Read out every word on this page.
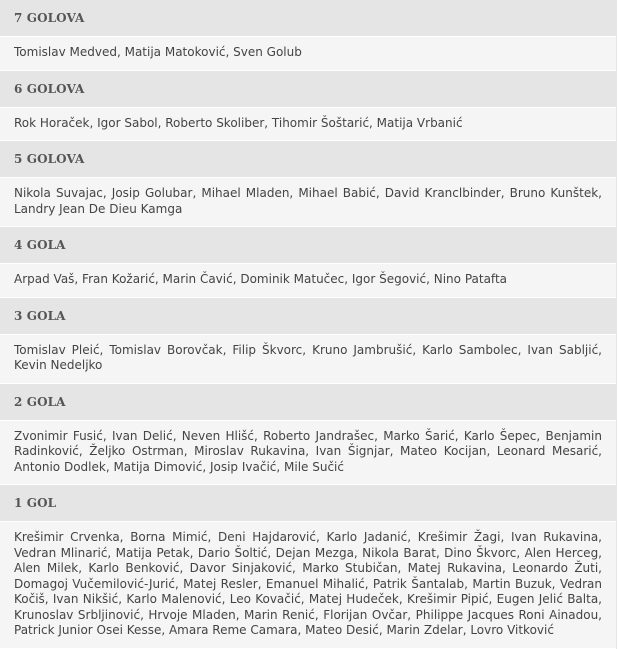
7 GOLOVA
Tomislav Medved, Matija Matoković, Sven Golub
6 GOLOVA
Rok Horaček, Igor Sabol, Roberto Skoliber, Tihomir Šoštarić, Matija Vrbanić
5 GOLOVA
Nikola Suvajac, Josip Golubar, Mihael Mladen, Mihael Babić, David Kranclbinder, Bruno Kunštek, Landry Jean De Dieu Kamga
4 GOLA
Arpad Vaš, Fran Kožarić, Marin Čavić, Dominik Matučec, Igor Šegović, Nino Patafta
3 GOLA
Tomislav Pleić, Tomislav Borovčak, Filip Škvorc, Kruno Jambrušić, Karlo Sambolec, Ivan Sabljić, Kevin Nedeljko
2 GOLA
Zvonimir Fusić, Ivan Delić, Neven Hlišć, Roberto Jandrašec, Marko Šarić, Karlo Šepec, Benjamin Radinković, Željko Ostrman, Miroslav Rukavina, Ivan Šignjar, Mateo Kocijan, Leonard Mesarić, Antonio Dodlek, Matija Dimović, Josip Ivačić, Mile Sučić
1 GOL
Krešimir Crvenka, Borna Mimić, Deni Hajdarović, Karlo Jadanić, Krešimir Žagi, Ivan Rukavina, Vedran Mlinarić, Matija Petak, Dario Šoltić, Dejan Mezga, Nikola Barat, Dino Škvorc, Alen Herceg, Alen Milek, Karlo Benković, Davor Sinjaković, Marko Stubičan, Matej Rukavina, Leonardo Žuti, Domagoj Vučemilović-Jurić, Matej Resler, Emanuel Mihalić, Patrik Šantalab, Martin Buzuk, Vedran Kočiš, Ivan Nikšić, Karlo Malenović, Leo Kovačić, Matej Hudeček, Krešimir Pipić, Eugen Jelić Balta, Krunoslav Srbljinović, Hrvoje Mladen, Marin Renić, Florijan Ovčar, Philippe Jacques Roni Ainadou, Patrick Junior Osei Kesse, Amara Reme Camara, Mateo Desić, Marin Zdelar, Lovro Vitković
